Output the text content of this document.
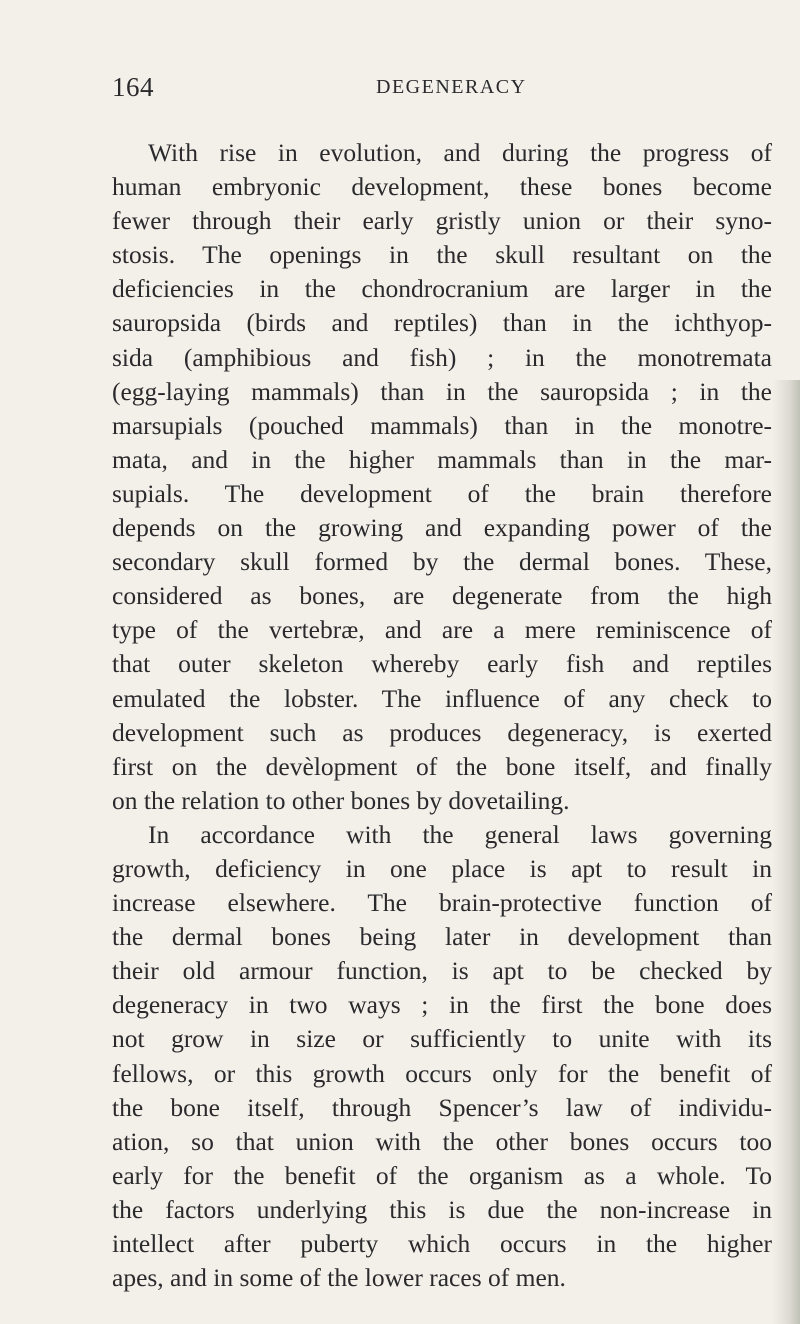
164	DEGENERACY

With rise in evolution, and during the progress of
human embryonic development, these bones become
fewer through their early gristly union or their syno-
stosis. The openings in the skull resultant on the
deficiencies in the chondrocranium are larger in the
sauropsida (birds and reptiles) than in the ichthyop-
sida (amphibious and fish) ; in the monotremata
(egg-laying mammals) than in the sauropsida ; in the
marsupials (pouched mammals) than in the monotre-
mata, and in the higher mammals than in the mar-
supials. The development of the brain therefore
depends on the growing and expanding power of the
secondary skull formed by the dermal bones. These,
considered as bones, are degenerate from the high
type of the vertebræ, and are a mere reminiscence of
that outer skeleton whereby early fish and reptiles
emulated the lobster. The influence of any check to
development such as produces degeneracy, is exerted
first on the devèlopment of the bone itself, and finally
on the relation to other bones by dovetailing.

In accordance with the general laws governing
growth, deficiency in one place is apt to result in
increase elsewhere. The brain-protective function of
the dermal bones being later in development than
their old armour function, is apt to be checked by
degeneracy in two ways ; in the first the bone does
not grow in size or sufficiently to unite with its
fellows, or this growth occurs only for the benefit of
the bone itself, through Spencer’s law of individu-
ation, so that union with the other bones occurs too
early for the benefit of the organism as a whole. To
the factors underlying this is due the non-increase in
intellect after puberty which occurs in the higher
apes, and in some of the lower races of men.
